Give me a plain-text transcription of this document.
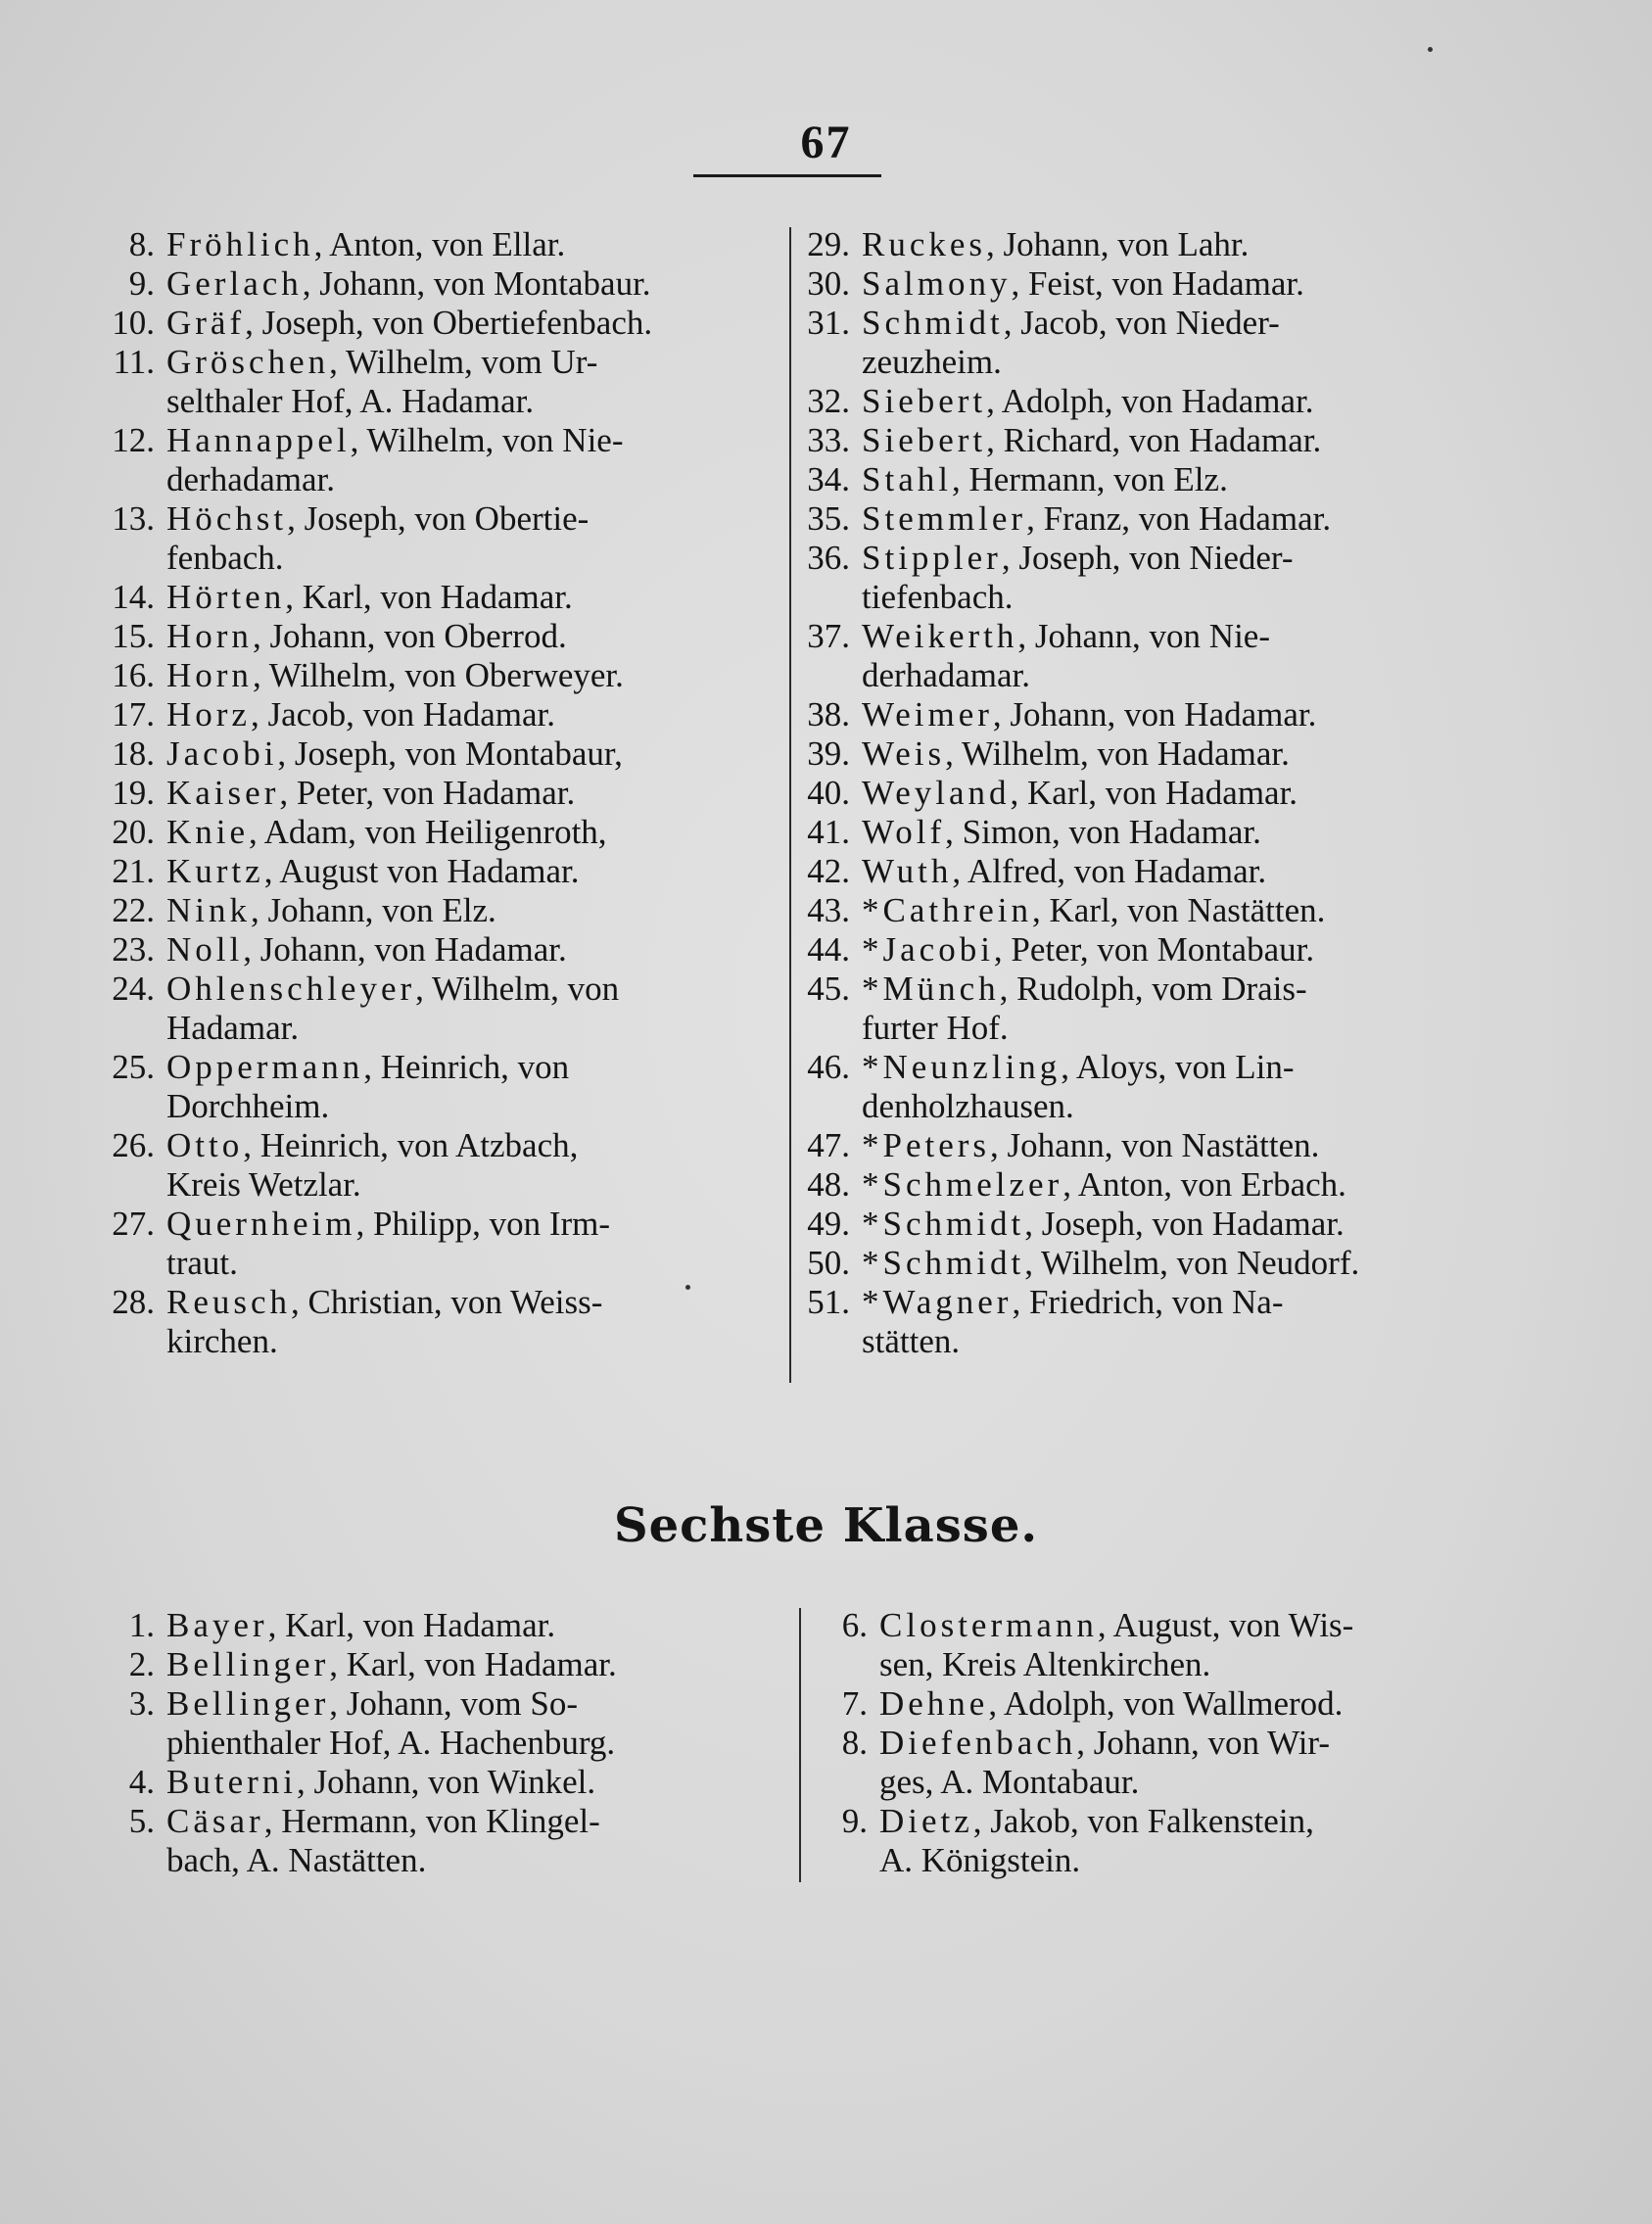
67
8. Fröhlich, Anton, von Ellar.
9. Gerlach, Johann, von Montabaur.
10. Gräf, Joseph, von Obertiefenbach.
11. Gröschen, Wilhelm, vom Ur-
selthaler Hof, A. Hadamar.
12. Hannappel, Wilhelm, von Nie-
derhadamar.
13. Höchst, Joseph, von Obertie-
fenbach.
14. Hörten, Karl, von Hadamar.
15. Horn, Johann, von Oberrod.
16. Horn, Wilhelm, von Oberweyer.
17. Horz, Jacob, von Hadamar.
18. Jacobi, Joseph, von Montabaur,
19. Kaiser, Peter, von Hadamar.
20. Knie, Adam, von Heiligenroth,
21. Kurtz, August von Hadamar.
22. Nink, Johann, von Elz.
23. Noll, Johann, von Hadamar.
24. Ohlenschleyer, Wilhelm, von
Hadamar.
25. Oppermann, Heinrich, von
Dorchheim.
26. Otto, Heinrich, von Atzbach,
Kreis Wetzlar.
27. Quernheim, Philipp, von Irm-
traut.
28. Reusch, Christian, von Weiss-
kirchen.
29. Ruckes, Johann, von Lahr.
30. Salmony, Feist, von Hadamar.
31. Schmidt, Jacob, von Nieder-
zeuzheim.
32. Siebert, Adolph, von Hadamar.
33. Siebert, Richard, von Hadamar.
34. Stahl, Hermann, von Elz.
35. Stemmler, Franz, von Hadamar.
36. Stippler, Joseph, von Nieder-
tiefenbach.
37. Weikerth, Johann, von Nie-
derhadamar.
38. Weimer, Johann, von Hadamar.
39. Weis, Wilhelm, von Hadamar.
40. Weyland, Karl, von Hadamar.
41. Wolf, Simon, von Hadamar.
42. Wuth, Alfred, von Hadamar.
43. *Cathrein, Karl, von Nastätten.
44. *Jacobi, Peter, von Montabaur.
45. *Münch, Rudolph, vom Drais-
furter Hof.
46. *Neunzling, Aloys, von Lin-
denholzhausen.
47. *Peters, Johann, von Nastätten.
48. *Schmelzer, Anton, von Erbach.
49. *Schmidt, Joseph, von Hadamar.
50. *Schmidt, Wilhelm, von Neudorf.
51. *Wagner, Friedrich, von Na-
stätten.
Sechste Klasse.
1. Bayer, Karl, von Hadamar.
2. Bellinger, Karl, von Hadamar.
3. Bellinger, Johann, vom So-
phienthaler Hof, A. Hachenburg.
4. Buterni, Johann, von Winkel.
5. Cäsar, Hermann, von Klingel-
bach, A. Nastätten.
6. Clostermann, August, von Wis-
sen, Kreis Altenkirchen.
7. Dehne, Adolph, von Wallmerod.
8. Diefenbach, Johann, von Wir-
ges, A. Montabaur.
9. Dietz, Jakob, von Falkenstein,
A. Königstein.
